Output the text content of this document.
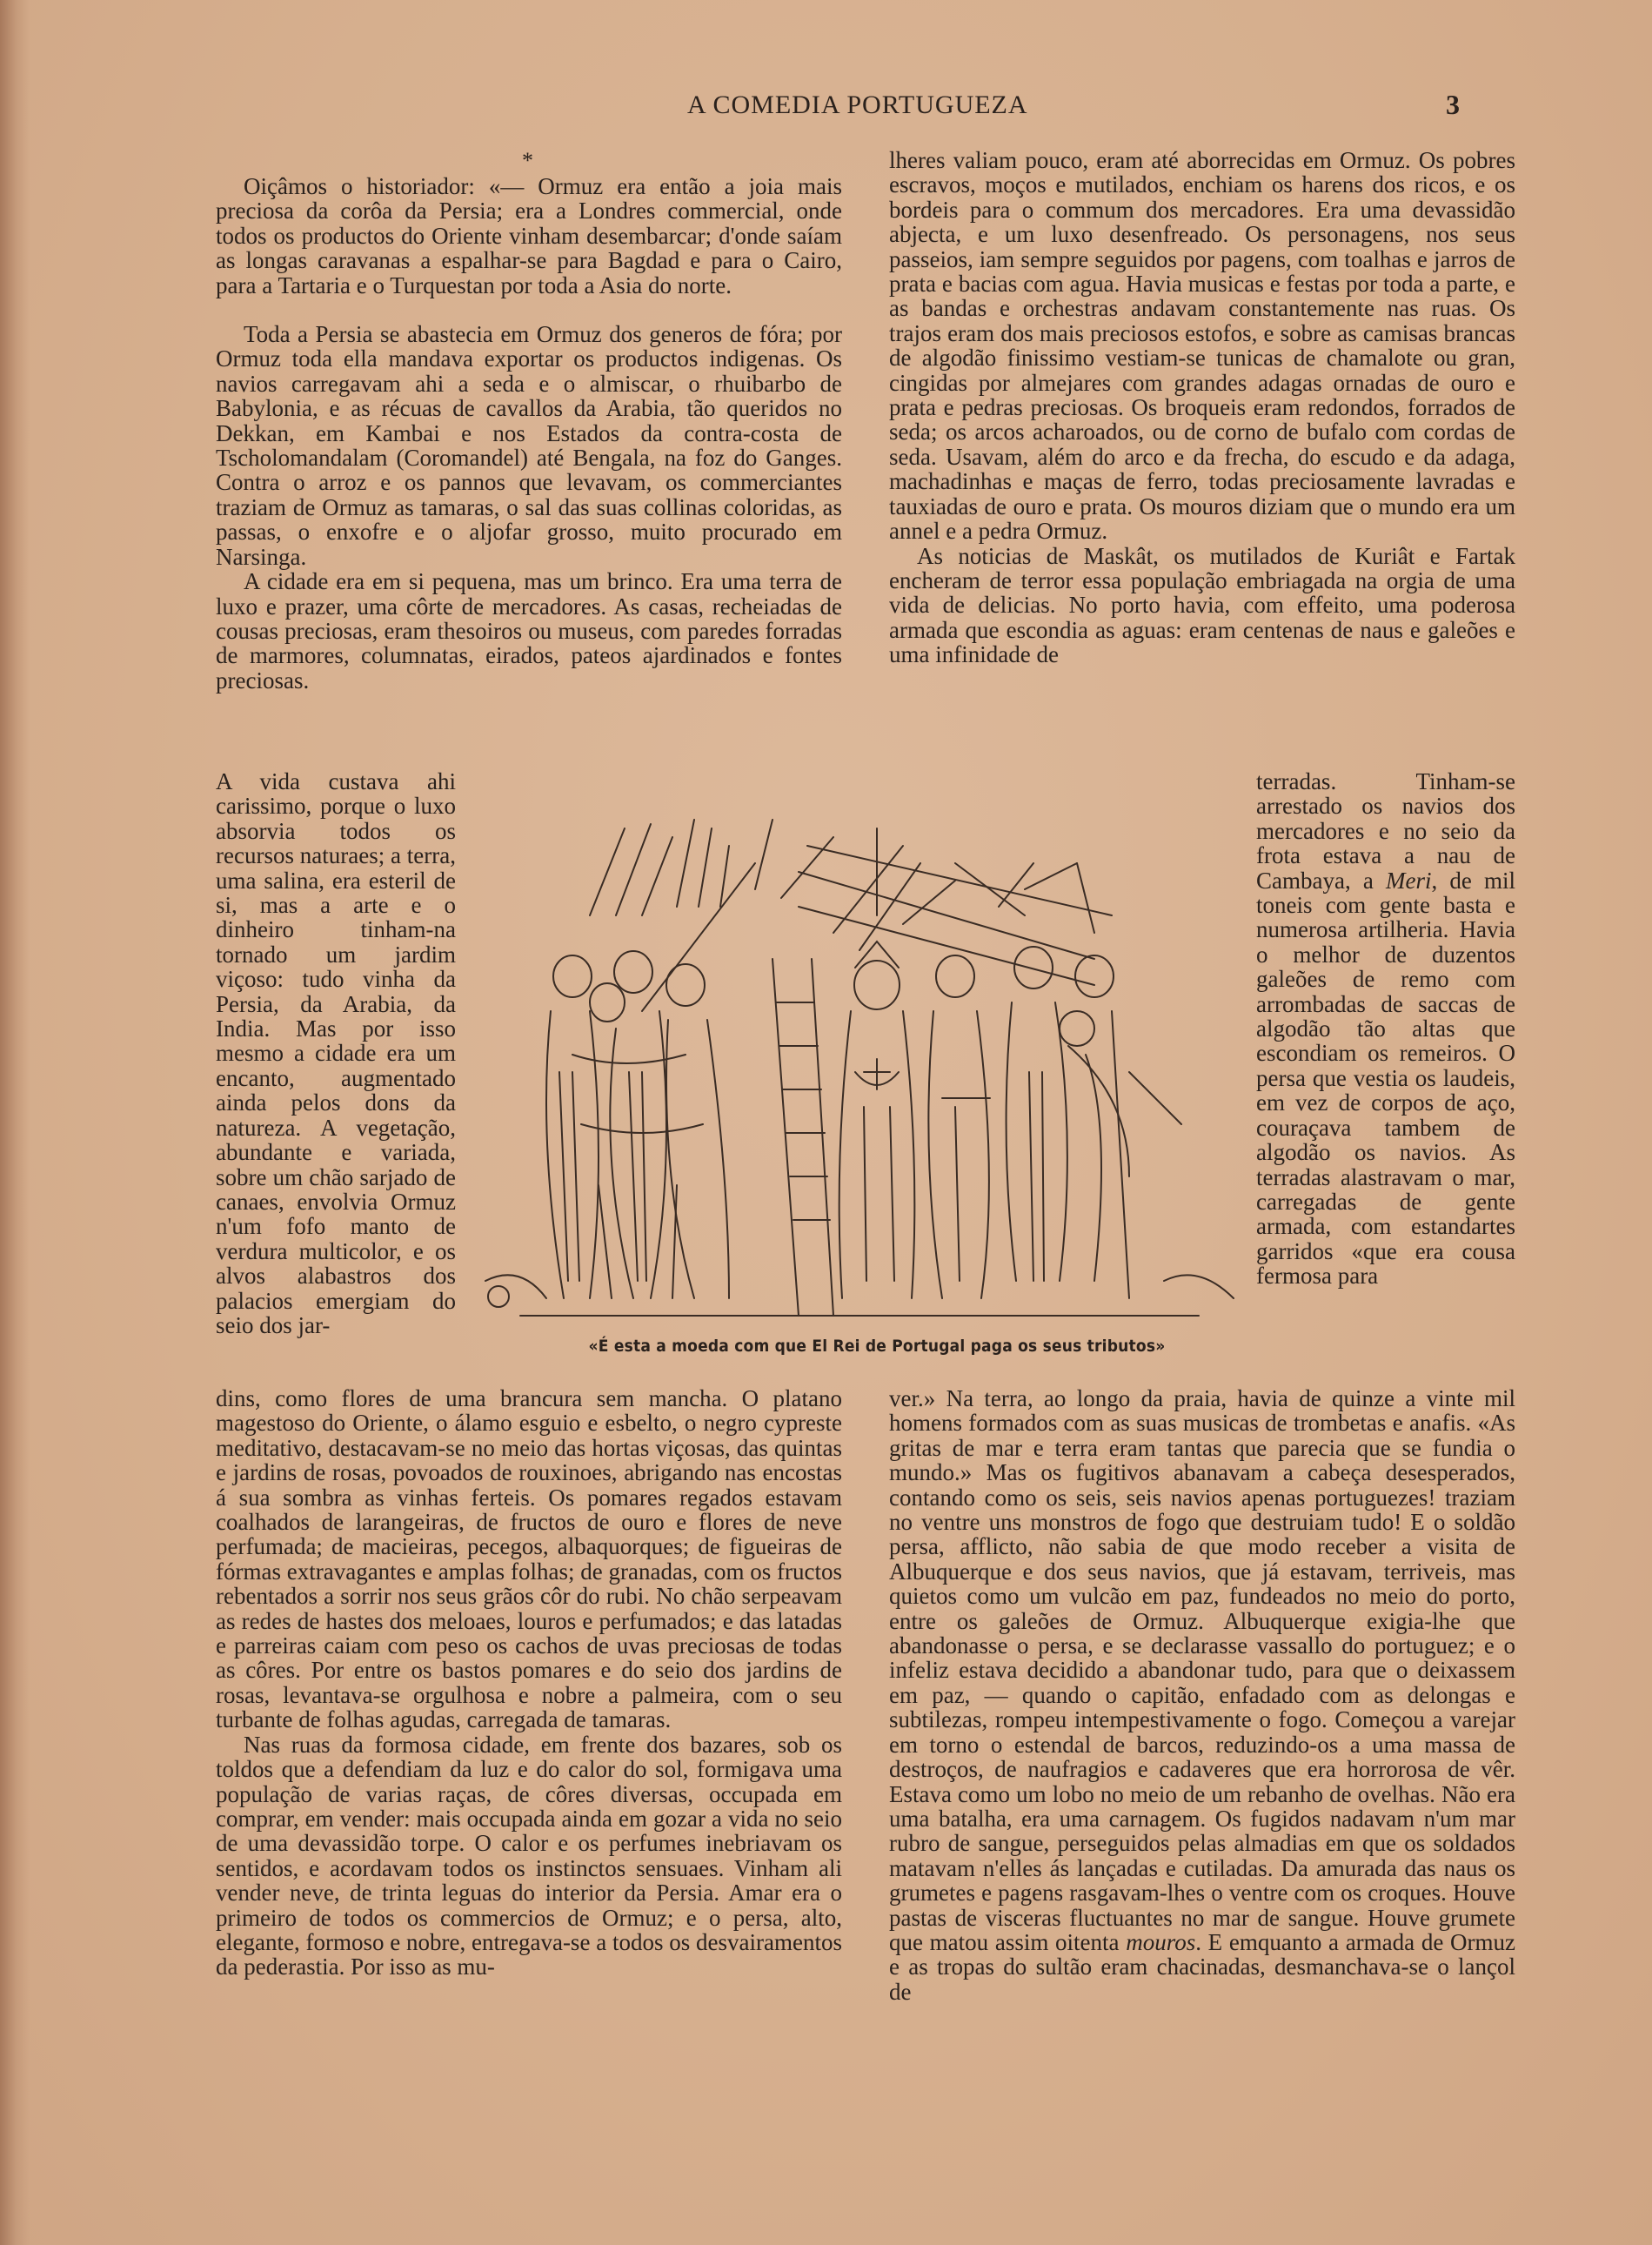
A COMEDIA PORTUGUEZA	3
*

Oiçâmos o historiador: «— Ormuz era então a joia mais preciosa da corôa da Persia; era a Londres commercial, onde todos os productos do Oriente vinham desembarcar; d'onde saíam as longas caravanas a espalhar-se para Bagdad e para o Cairo, para a Tartaria e o Turquestan por toda a Asia do norte.

Toda a Persia se abastecia em Ormuz dos generos de fóra; por Ormuz toda ella mandava exportar os productos indigenas. Os navios carregavam ahi a seda e o almiscar, o rhuibarbo de Babylonia, e as récuas de cavallos da Arabia, tão queridos no Dekkan, em Kambai e nos Estados da contra-costa de Tscholomandalam (Coromandel) até Bengala, na foz do Ganges. Contra o arroz e os pannos que levavam, os commerciantes traziam de Ormuz as tamaras, o sal das suas collinas coloridas, as passas, o enxofre e o aljofar grosso, muito procurado em Narsinga.

A cidade era em si pequena, mas um brinco. Era uma terra de luxo e prazer, uma côrte de mercadores. As casas, recheiadas de cousas preciosas, eram thesoiros ou museus, com paredes forradas de marmores, columnatas, eirados, pateos ajardinados e fontes preciosas.

A vida custava ahi carissimo, porque o luxo absorvia todos os recursos naturaes; a terra, uma salina, era esteril de si, mas a arte e o dinheiro tinham-na tornado um jardim viçoso: tudo vinha da Persia, da Arabia, da India. Mas por isso mesmo a cidade era um encanto, augmentado ainda pelos dons da natureza. A vegetação, abundante e variada, sobre um chão sarjado de canaes, envolvia Ormuz n'um fofo manto de verdura multicolor, e os alvos alabastros dos palacios emergiam do seio dos jar-

dins, como flores de uma brancura sem mancha. O platano magestoso do Oriente, o álamo esguio e esbelto, o negro cypreste meditativo, destacavam-se no meio das hortas viçosas, das quintas e jardins de rosas, povoados de rouxinoes, abrigando nas encostas á sua sombra as vinhas ferteis. Os pomares regados estavam coalhados de larangeiras, de fructos de ouro e flores de neve perfumada; de macieiras, pecegos, albaquorques; de figueiras de fórmas extravagantes e amplas folhas; de granadas, com os fructos rebentados a sorrir nos seus grãos côr do rubi. No chão serpeavam as redes de hastes dos meloaes, louros e perfumados; e das latadas e parreiras caiam com peso os cachos de uvas preciosas de todas as côres. Por entre os bastos pomares e do seio dos jardins de rosas, levantava-se orgulhosa e nobre a palmeira, com o seu turbante de folhas agudas, carregada de tamaras.

Nas ruas da formosa cidade, em frente dos bazares, sob os toldos que a defendiam da luz e do calor do sol, formigava uma população de varias raças, de côres diversas, occupada em comprar, em vender: mais occupada ainda em gozar a vida no seio de uma devassidão torpe. O calor e os perfumes inebriavam os sentidos, e acordavam todos os instinctos sensuaes. Vinham ali vender neve, de trinta leguas do interior da Persia. Amar era o primeiro de todos os commercios de Ormuz; e o persa, alto, elegante, formoso e nobre, entregava-se a todos os desvairamentos da pederastia. Por isso as mu-

lheres valiam pouco, eram até aborrecidas em Ormuz. Os pobres escravos, moços e mutilados, enchiam os harens dos ricos, e os bordeis para o commum dos mercadores. Era uma devassidão abjecta, e um luxo desenfreado. Os personagens, nos seus passeios, iam sempre seguidos por pagens, com toalhas e jarros de prata e bacias com agua. Havia musicas e festas por toda a parte, e as bandas e orchestras andavam constantemente nas ruas. Os trajos eram dos mais preciosos estofos, e sobre as camisas brancas de algodão finissimo vestiam-se tunicas de chamalote ou gran, cingidas por almejares com grandes adagas ornadas de ouro e prata e pedras preciosas. Os broqueis eram redondos, forrados de seda; os arcos acharoados, ou de corno de bufalo com cordas de seda. Usavam, além do arco e da frecha, do escudo e da adaga, machadinhas e maças de ferro, todas preciosamente lavradas e tauxiadas de ouro e prata. Os mouros diziam que o mundo era um annel e a pedra Ormuz.

As noticias de Maskât, os mutilados de Kuriât e Fartak encheram de terror essa população embriagada na orgia de uma vida de delicias. No porto havia, com effeito, uma poderosa armada que escondia as aguas: eram centenas de naus e galeões e uma infinidade de

terradas. Tinham-se arrestado os navios dos mercadores e no seio da frota estava a nau de Cambaya, a Meri, de mil toneis com gente basta e numerosa artilheria. Havia o melhor de duzentos galeões de remo com arrombadas de saccas de algodão tão altas que escondiam os remeiros. O persa que vestia os laudeis, em vez de corpos de aço, couraçava tambem de algodão os navios. As terradas alastravam o mar, carregadas de gente armada, com estandartes garridos «que era cousa fermosa para

ver.» Na terra, ao longo da praia, havia de quinze a vinte mil homens formados com as suas musicas de trombetas e anafis. «As gritas de mar e terra eram tantas que parecia que se fundia o mundo.» Mas os fugitivos abanavam a cabeça desesperados, contando como os seis, seis navios apenas portuguezes! traziam no ventre uns monstros de fogo que destruiam tudo! E o soldão persa, afflicto, não sabia de que modo receber a visita de Albuquerque e dos seus navios, que já estavam, terriveis, mas quietos como um vulcão em paz, fundeados no meio do porto, entre os galeões de Ormuz. Albuquerque exigia-lhe que abandonasse o persa, e se declarasse vassallo do portuguez; e o infeliz estava decidido a abandonar tudo, para que o deixassem em paz, — quando o capitão, enfadado com as delongas e subtilezas, rompeu intempestivamente o fogo. Começou a varejar em torno o estendal de barcos, reduzindo-os a uma massa de destroços, de naufragios e cadaveres que era horrorosa de vêr. Estava como um lobo no meio de um rebanho de ovelhas. Não era uma batalha, era uma carnagem. Os fugidos nadavam n'um mar rubro de sangue, perseguidos pelas almadias em que os soldados matavam n'elles ás lançadas e cutiladas. Da amurada das naus os grumetes e pagens rasgavam-lhes o ventre com os croques. Houve pastas de visceras fluctuantes no mar de sangue. Houve grumete que matou assim oitenta mouros. E emquanto a armada de Ormuz e as tropas do sultão eram chacinadas, desmanchava-se o lançol de

«É esta a moeda com que El Rei de Portugal paga os seus tributos»
